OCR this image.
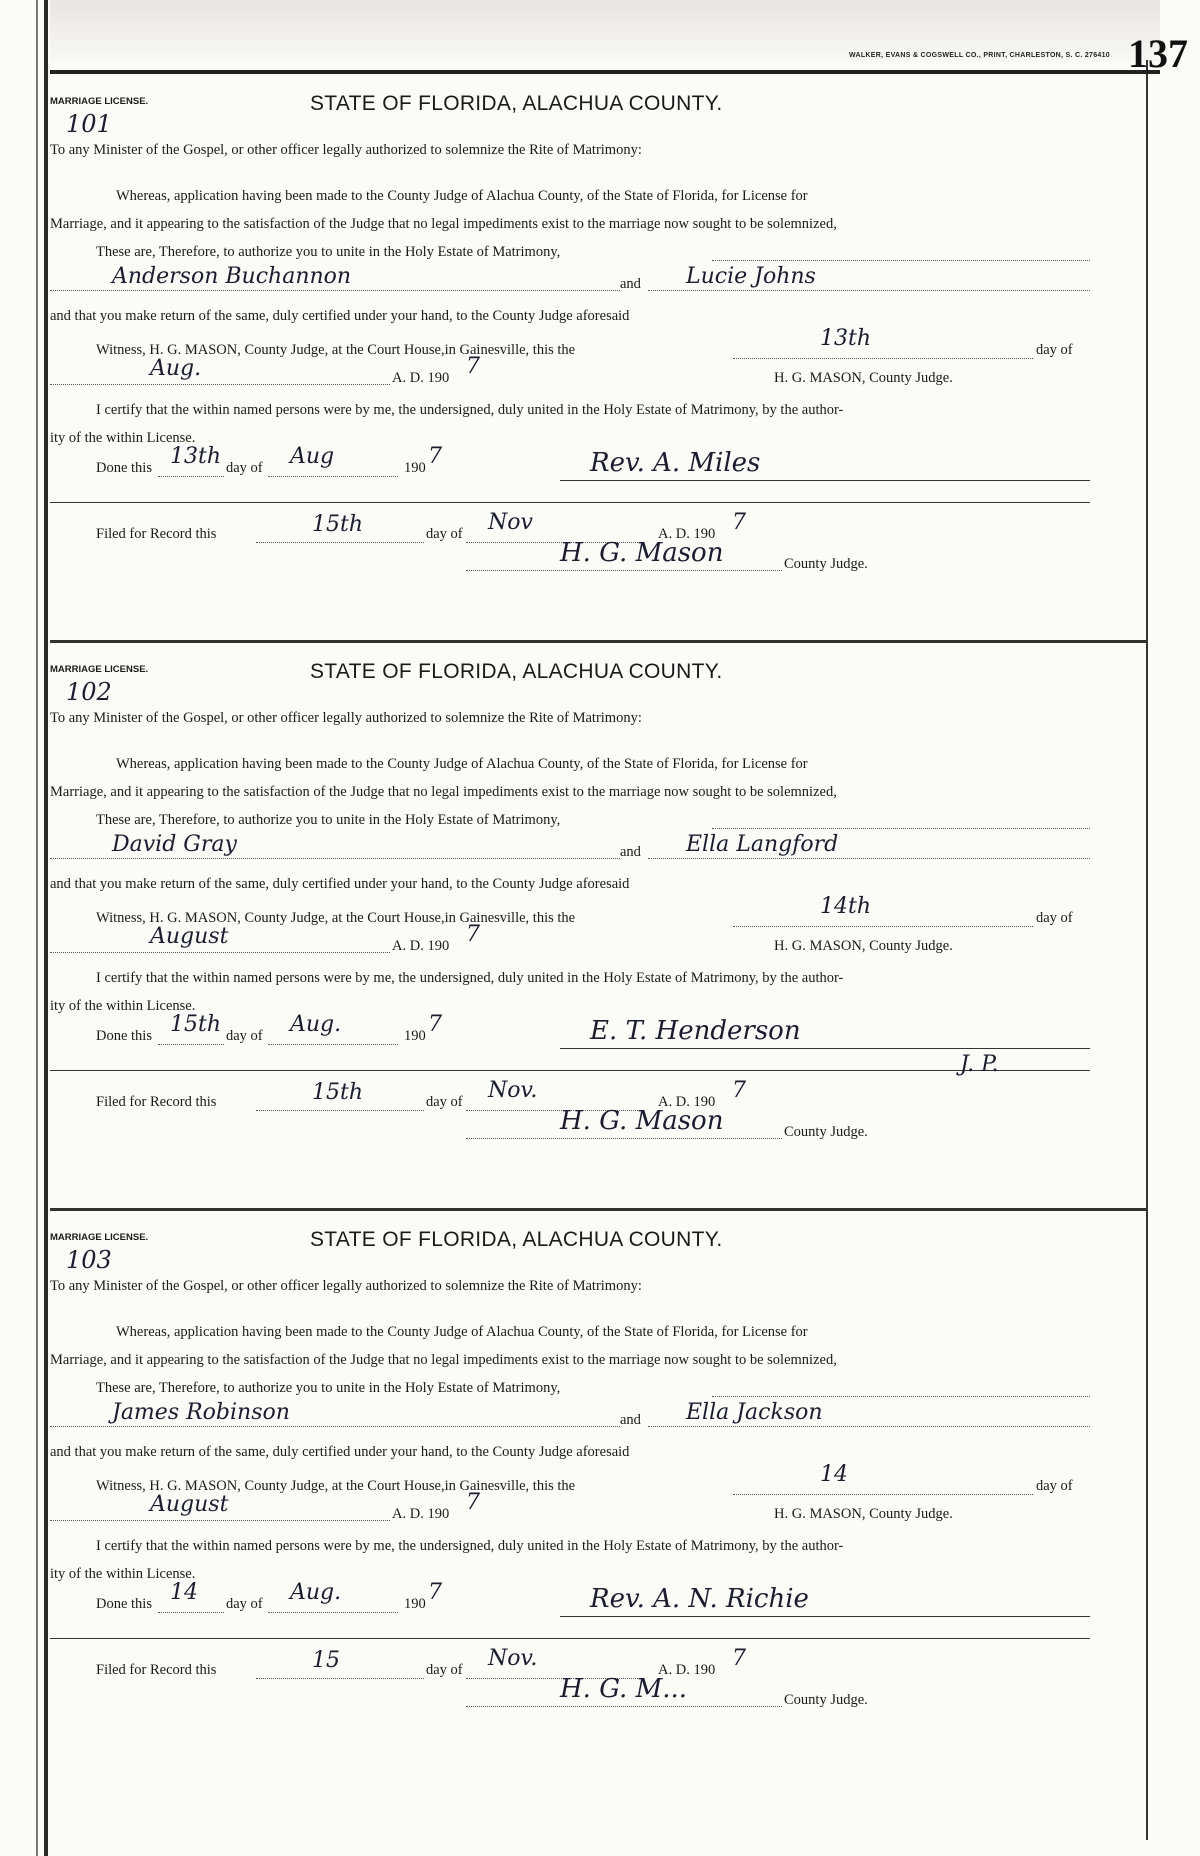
WALKER, EVANS & COGSWELL CO., PRINT, CHARLESTON, S. C. 276410 137
MARRIAGE LICENSE.
101
STATE OF FLORIDA, ALACHUA COUNTY.
To any Minister of the Gospel, or other officer legally authorized to solemnize the Rite of Matrimony:
Whereas, application having been made to the County Judge of Alachua County, of the State of Florida, for License for
Marriage, and it appearing to the satisfaction of the Judge that no legal impediments exist to the marriage now sought to be solemnized,
These are, Therefore, to authorize you to unite in the Holy Estate of Matrimony,
Anderson Buchannon	and Lucie Johns
and that you make return of the same, duly certified under your hand, to the County Judge aforesaid
Witness, H. G. MASON, County Judge, at the Court House,in Gainesville, this the	13th	day of
Aug.	A. D. 190 7	H. G. MASON, County Judge.
I certify that the within named persons were by me, the undersigned, duly united in the Holy Estate of Matrimony, by the author-
ity of the within License.
Done this 13th day of Aug	190 7	Rev. A. Miles
Filed for Record this	15th	day of Nov	A. D. 190 7
H. G. Mason	County Judge.
MARRIAGE LICENSE.
102
STATE OF FLORIDA, ALACHUA COUNTY.
To any Minister of the Gospel, or other officer legally authorized to solemnize the Rite of Matrimony:
Whereas, application having been made to the County Judge of Alachua County, of the State of Florida, for License for
Marriage, and it appearing to the satisfaction of the Judge that no legal impediments exist to the marriage now sought to be solemnized,
These are, Therefore, to authorize you to unite in the Holy Estate of Matrimony,
David Gray	and Ella Langford
and that you make return of the same, duly certified under your hand, to the County Judge aforesaid
Witness, H. G. MASON, County Judge, at the Court House,in Gainesville, this the	14th	day of
August	A. D. 190 7	H. G. MASON, County Judge.
I certify that the within named persons were by me, the undersigned, duly united in the Holy Estate of Matrimony, by the author-
ity of the within License.
Done this 15th day of Aug.	190 7	E. T. Henderson
Filed for Record this	15th	day of Nov.	A. D. 190 7
H. G. Mason	County Judge.
J. P.
MARRIAGE LICENSE.
103
STATE OF FLORIDA, ALACHUA COUNTY.
To any Minister of the Gospel, or other officer legally authorized to solemnize the Rite of Matrimony:
Whereas, application having been made to the County Judge of Alachua County, of the State of Florida, for License for
Marriage, and it appearing to the satisfaction of the Judge that no legal impediments exist to the marriage now sought to be solemnized,
These are, Therefore, to authorize you to unite in the Holy Estate of Matrimony,
James Robinson	and Ella Jackson
and that you make return of the same, duly certified under your hand, to the County Judge aforesaid
Witness, H. G. MASON, County Judge, at the Court House,in Gainesville, this the	14	day of
August	A. D. 190 7	H. G. MASON, County Judge.
I certify that the within named persons were by me, the undersigned, duly united in the Holy Estate of Matrimony, by the author-
ity of the within License.
Done this 14 day of Aug.	190 7	Rev. A. N. Richie
Filed for Record this	15	day of Nov.	A. D. 190 7
H. G. M...	County Judge.
